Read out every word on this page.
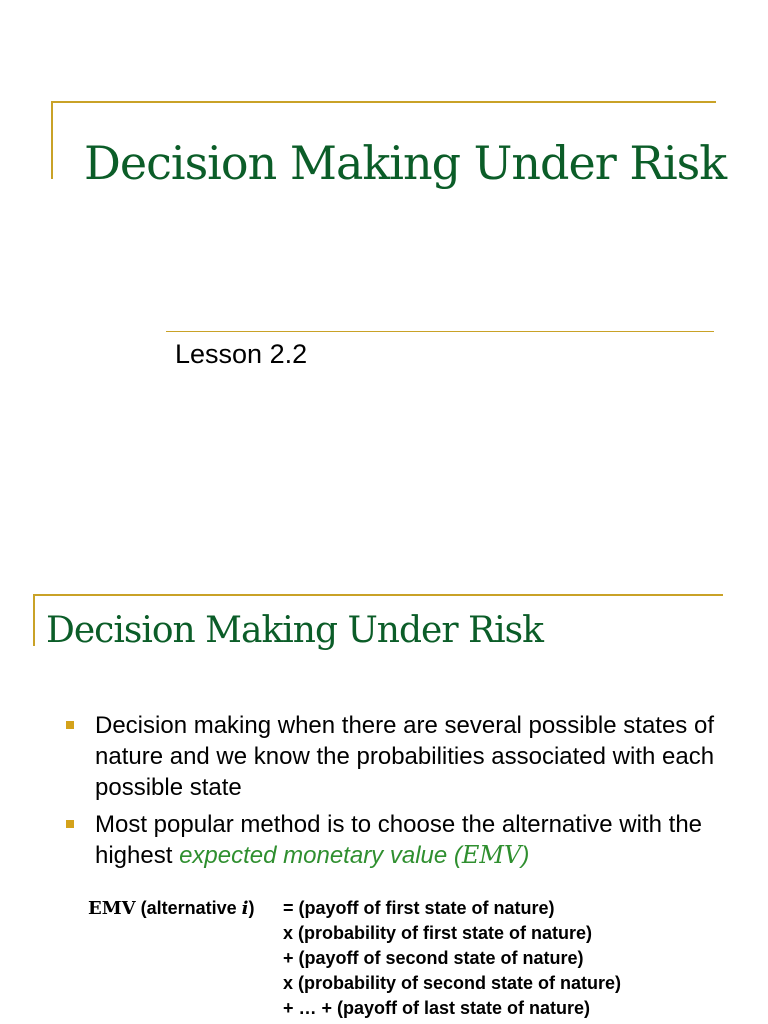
Decision Making Under Risk
Lesson 2.2
Decision Making Under Risk
Decision making when there are several possible states of nature and we know the probabilities associated with each possible state
Most popular method is to choose the alternative with the highest expected monetary value (EMV)
EMV (alternative i) = (payoff of first state of nature)
x (probability of first state of nature)
+ (payoff of second state of nature)
x (probability of second state of nature)
+ … + (payoff of last state of nature)
